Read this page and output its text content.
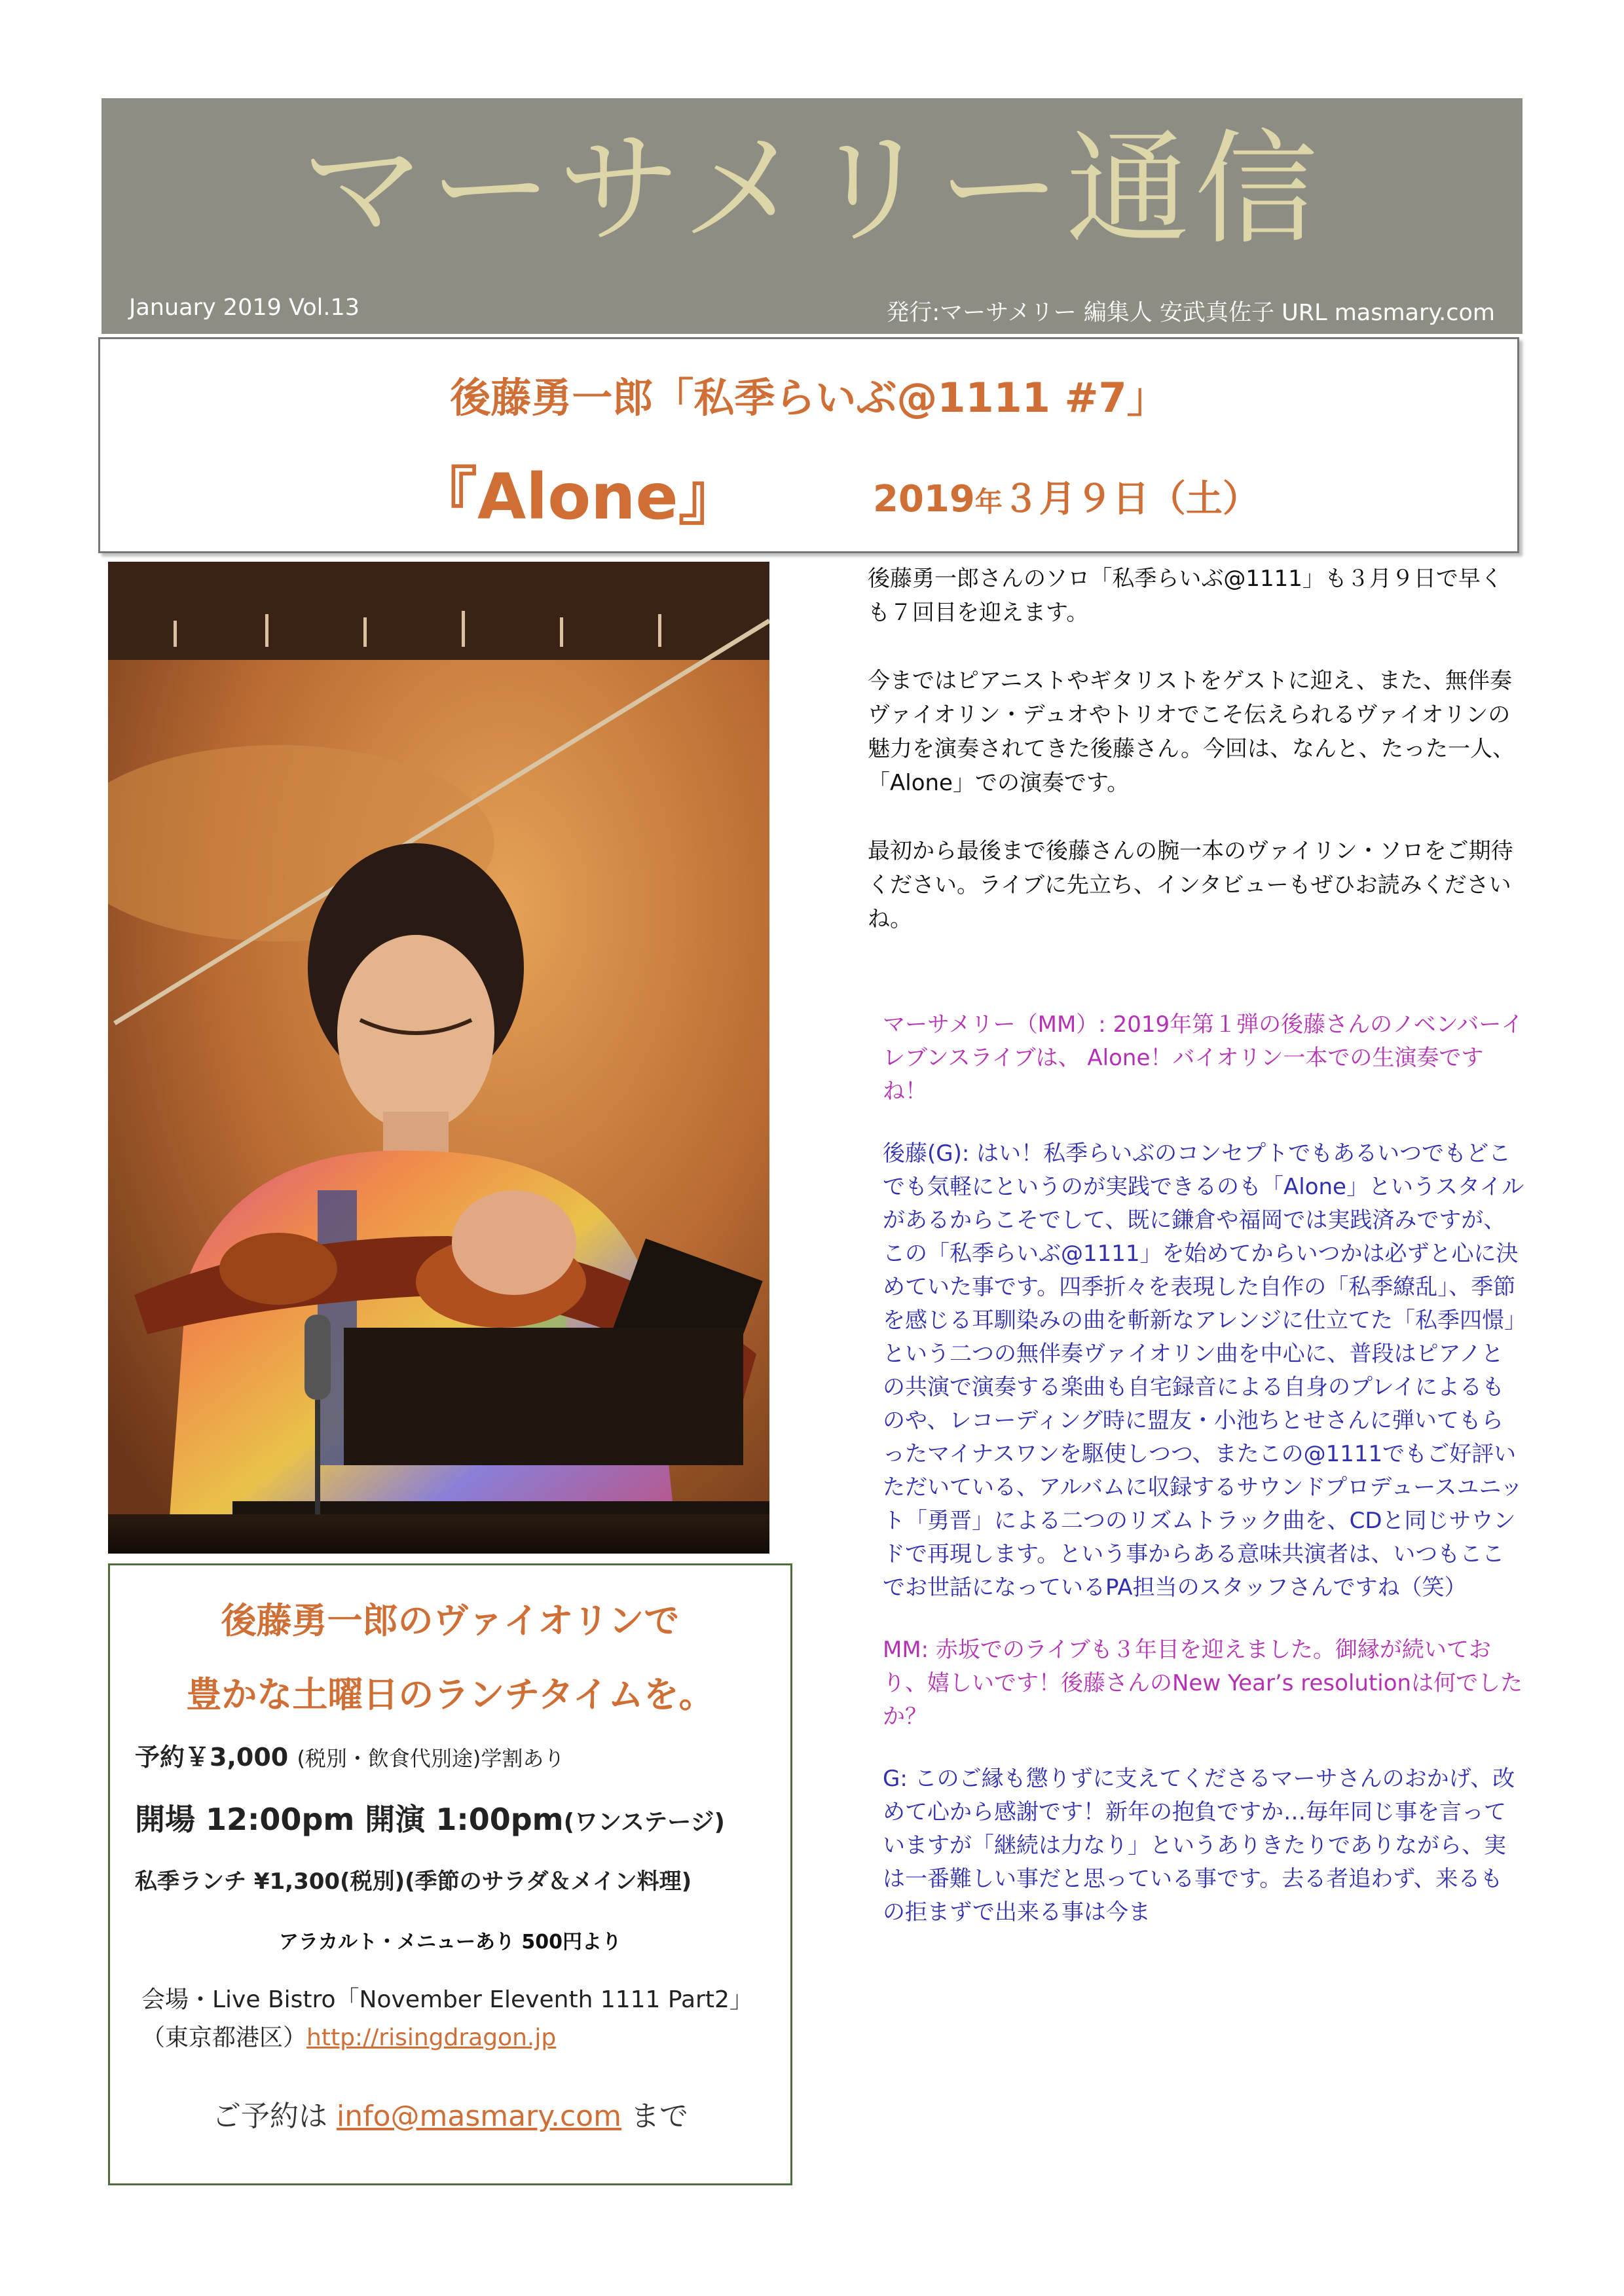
マーサメリー通信
January 2019 Vol.13	発行:マーサメリー 編集人 安武真佐子 URL masmary.com
後藤勇一郎「私季らいぶ@1111 #7」
『Alone』	2019年３月９日（土）
後藤勇一郎のヴァイオリンで
豊かな土曜日のランチタイムを。
予約￥3,000 (税別・飲食代別途)学割あり
開場 12:00pm 開演 1:00pm(ワンステージ)
私季ランチ ¥1,300(税別)(季節のサラダ＆メイン料理)
アラカルト・メニューあり 500円より
会場・Live Bistro「November Eleventh 1111 Part2」
（東京都港区）http://risingdragon.jp
ご予約は info@masmary.com まで

後藤勇一郎さんのソロ「私季らいぶ@1111」も３月９日で早くも７回目を迎えます。

今まではピアニストやギタリストをゲストに迎え、また、無伴奏ヴァイオリン・デュオやトリオでこそ伝えられるヴァイオリンの魅力を演奏されてきた後藤さん。今回は、なんと、たった一人、「Alone」での演奏です。

最初から最後まで後藤さんの腕一本のヴァイリン・ソロをご期待ください。ライブに先立ち、インタビューもぜひお読みくださいね。

マーサメリー（MM）: 2019年第１弾の後藤さんのノベンバーイレブンスライブは、 Alone！バイオリン一本での生演奏ですね！

後藤(G): はい！私季らいぶのコンセプトでもあるいつでもどこでも気軽にというのが実践できるのも「Alone」というスタイルがあるからこそでして、既に鎌倉や福岡では実践済みですが、この「私季らいぶ@1111」を始めてからいつかは必ずと心に決めていた事です。四季折々を表現した自作の「私季繚乱」、季節を感じる耳馴染みの曲を斬新なアレンジに仕立てた「私季四憬」という二つの無伴奏ヴァイオリン曲を中心に、普段はピアノとの共演で演奏する楽曲も自宅録音による自身のプレイによるものや、レコーディング時に盟友・小池ちとせさんに弾いてもらったマイナスワンを駆使しつつ、またこの@1111でもご好評いただいている、アルバムに収録するサウンドプロデュースユニット「勇晋」による二つのリズムトラック曲を、CDと同じサウンドで再現します。という事からある意味共演者は、いつもここでお世話になっているPA担当のスタッフさんですね（笑）

MM: 赤坂でのライブも３年目を迎えました。御縁が続いており、嬉しいです！後藤さんのNew Year’s resolutionは何でしたか？

G: このご縁も懲りずに支えてくださるマーサさんのおかげ、改めて心から感謝です！新年の抱負ですか…毎年同じ事を言っていますが「継続は力なり」というありきたりでありながら、実は一番難しい事だと思っている事です。去る者追わず、来るもの拒まずで出来る事は今ま
